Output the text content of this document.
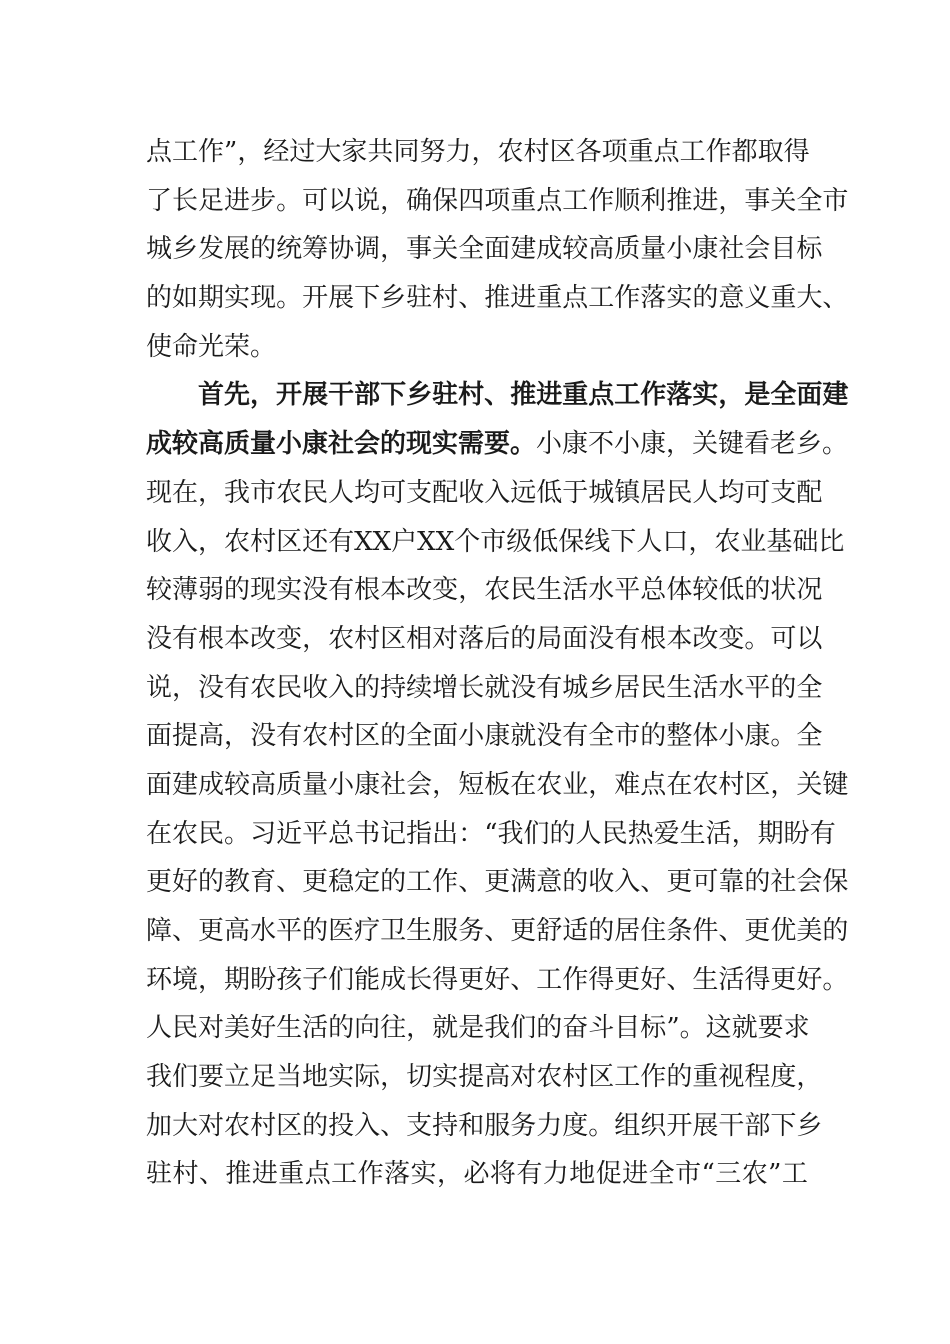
点 工 作 ” ， 经 过 大 家 共 同 努 力 ， 农 村 区 各 项 重 点 工 作 都 取 得
了 长 足 进 步 。 可 以 说 ， 确 保 四 项 重 点 工 作 顺 利 推 进 ， 事 关 全 市
城 乡 发 展 的 统 筹 协 调 ， 事 关 全 面 建 成 较 高 质 量 小 康 社 会 目 标
的 如 期 实 现 。 开 展 下 乡 驻 村 、 推 进 重 点 工 作 落 实 的 意 义 重 大 、
使命光荣。
首 先 ， 开 展 干 部 下 乡 驻 村 、 推 进 重 点 工 作 落 实 ， 是 全 面 建
成较高质量小康社会的现实需要。 小康不小康，关键看老乡。
现 在 ， 我 市 农 民 人 均 可 支 配 收 入 远 低 于 城 镇 居 民 人 均 可 支 配
收 入 ， 农 村 区 还 有 X X 户 X X 个 市 级 低 保 线 下 人 口 ， 农 业 基 础 比
较 薄 弱 的 现 实 没 有 根 本 改 变 ， 农 民 生 活 水 平 总 体 较 低 的 状 况
没 有 根 本 改 变 ， 农 村 区 相 对 落 后 的 局 面 没 有 根 本 改 变 。 可 以
说 ， 没 有 农 民 收 入 的 持 续 增 长 就 没 有 城 乡 居 民 生 活 水 平 的 全
面 提 高 ， 没 有 农 村 区 的 全 面 小 康 就 没 有 全 市 的 整 体 小 康 。 全
面 建 成 较 高 质 量 小 康 社 会 ， 短 板 在 农 业 ， 难 点 在 农 村 区 ， 关 键
在 农 民 。 习 近 平 总 书 记 指 出 ： “ 我 们 的 人 民 热 爱 生 活 ， 期 盼 有
更 好 的 教 育 、 更 稳 定 的 工 作 、 更 满 意 的 收 入 、 更 可 靠 的 社 会 保
障 、 更 高 水 平 的 医 疗 卫 生 服 务 、 更 舒 适 的 居 住 条 件 、 更 优 美 的
环 境 ， 期 盼 孩 子 们 能 成 长 得 更 好 、 工 作 得 更 好 、 生 活 得 更 好 。
人 民 对 美 好 生 活 的 向 往 ， 就 是 我 们 的 奋 斗 目 标 ” 。 这 就 要 求
我 们 要 立 足 当 地 实 际 ， 切 实 提 高 对 农 村 区 工 作 的 重 视 程 度 ，
加 大 对 农 村 区 的 投 入 、 支 持 和 服 务 力 度 。 组 织 开 展 干 部 下 乡
驻 村 、 推 进 重 点 工 作 落 实 ， 必 将 有 力 地 促 进 全 市 “ 三 农 ” 工
